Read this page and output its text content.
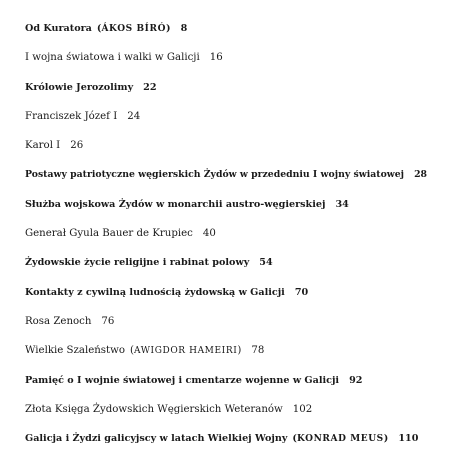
Od Kuratora ( ÁKOS BÍRÓ ) 8
I wojna światowa i walki w Galicji 16
Królowie Jerozolimy 22
Franciszek Józef I 24
Karol I 26
Postawy patriotyczne węgierskich Żydów w przededniu I wojny światowej 28
Służba wojskowa Żydów w monarchii austro-węgierskiej 34
Generał Gyula Bauer de Krupiec 40
Żydowskie życie religijne i rabinat polowy 54
Kontakty z cywilną ludnością żydowską w Galicji 70
Rosa Zenoch 76
Wielkie Szaleństwo ( AWIGDOR HAMEIRI ) 78
Pamięć o I wojnie światowej i cmentarze wojenne w Galicji 92
Złota Księga Żydowskich Węgierskich Weteranów 102
Galicja i Żydzi galicyjscy w latach Wielkiej Wojny ( KONRAD MEUS ) 110
